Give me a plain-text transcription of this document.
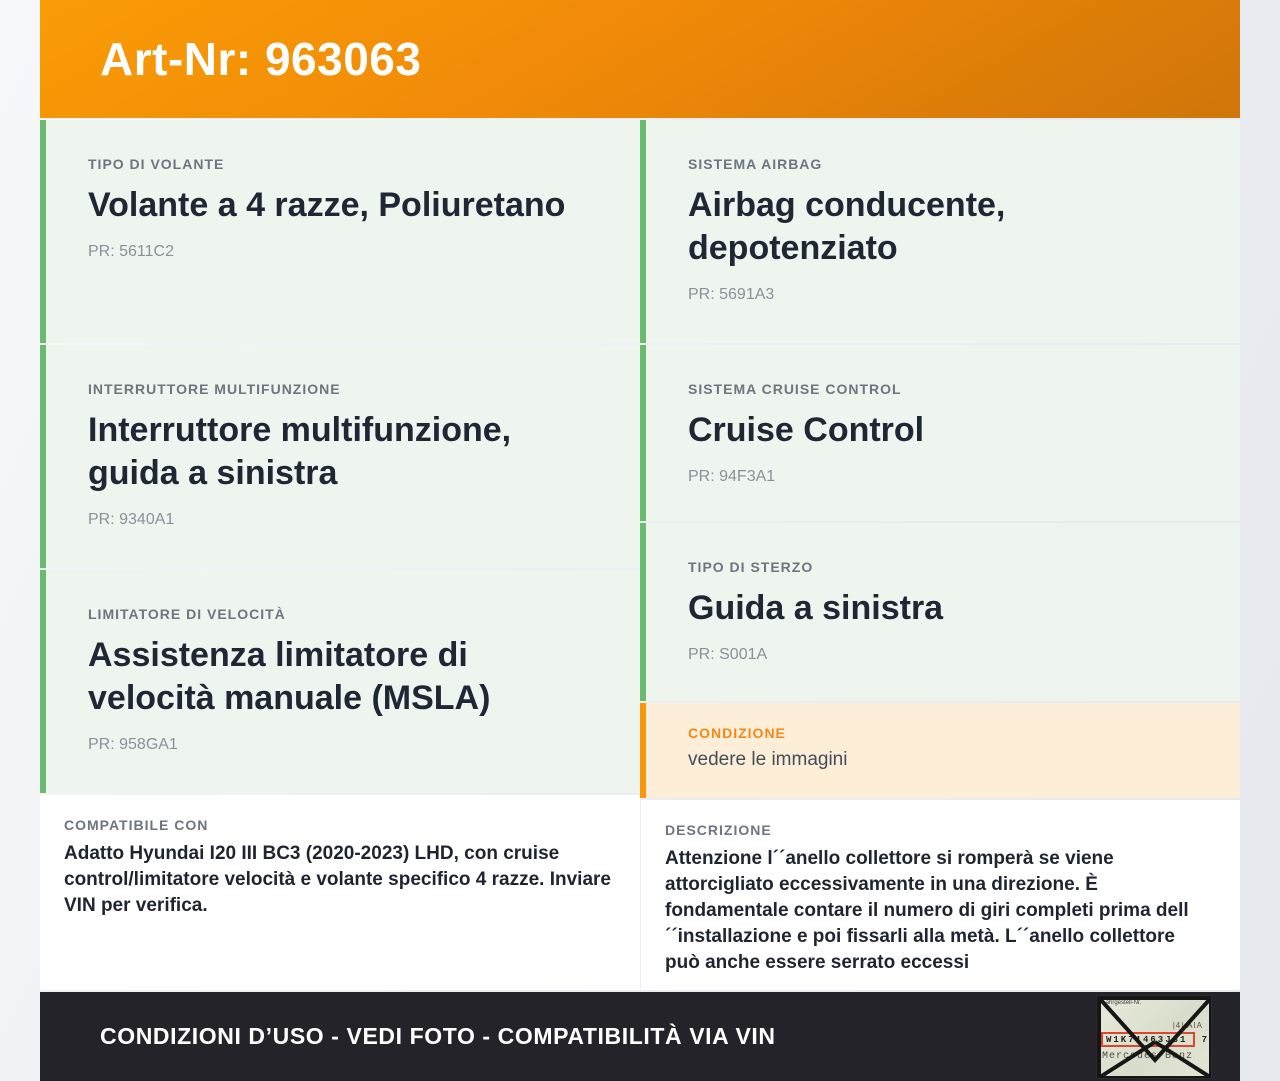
Art-Nr: 963063
TIPO DI VOLANTE
Volante a 4 razze, Poliuretano
PR: 5611C2
INTERRUTTORE MULTIFUNZIONE
Interruttore multifunzione, guida a sinistra
PR: 9340A1
LIMITATORE DI VELOCITÀ
Assistenza limitatore di velocità manuale (MSLA)
PR: 958GA1
COMPATIBILE CON
Adatto Hyundai I20 III BC3 (2020-2023) LHD, con cruise control/limitatore velocità e volante specifico 4 razze. Inviare VIN per verifica.
SISTEMA AIRBAG
Airbag conducente, depotenziato
PR: 5691A3
SISTEMA CRUISE CONTROL
Cruise Control
PR: 94F3A1
TIPO DI STERZO
Guida a sinistra
PR: S001A
CONDIZIONE
vedere le immagini
DESCRIZIONE
Attenzione l´´anello collettore si romperà se viene attorcigliato eccessivamente in una direzione. È fondamentale contare il numero di giri completi prima dell´´installazione e poi fissarli alla metà. L´´anello collettore può anche essere serrato eccessi
CONDIZIONI D’USO - VEDI FOTO - COMPATIBILITÀ VIA VIN
Fahrgestell-Nr.
|4| AIA
W1K71463J31	7
Mercedes-Benz
